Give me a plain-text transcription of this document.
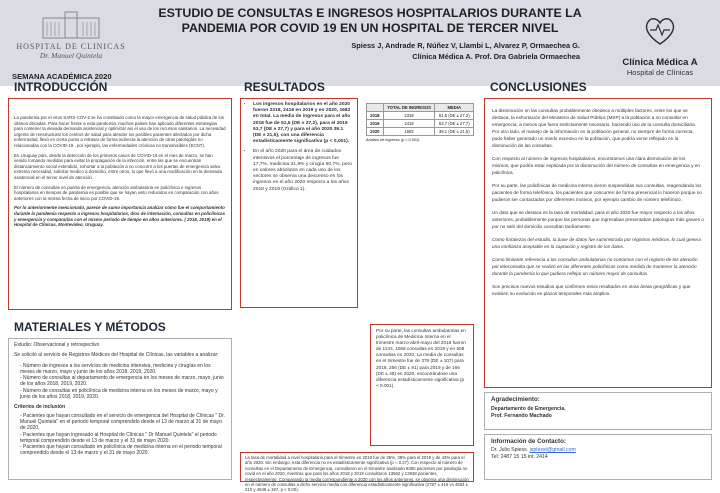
HOSPITAL DE CLINICAS
Dr. Manuel Quintela
SEMANA ACADÉMICA 2020
ESTUDIO DE CONSULTAS E INGRESOS HOSPITALARIOS DURANTE LA PANDEMIA POR COVID 19 EN UN HOSPITAL DE TERCER NIVEL
Spiess J, Andrade R, Núñez V, Llambi L, Alvarez P, Ormaechea G.
Clínica Médica A. Prof. Dra Gabriela Ormaechea
Clínica Médica A
Hospital de Clínicas
INTRODUCCIÓN

La pandemia por el virus SARS-COV-2 se ha constituido como la mayor emergencia de salud pública de los últimos décadas. Para hacer frente a esta pandemia, muchos países han aplicado diferentes estrategias para contener la elevada demanda asistencial y optimizar así el uso de los recursos sanitarios. La necesidad urgente de reestructurar los centros de salud para atender los posibles pacientes afectados por dicha enfermedad, llevó en cierta punto a retrasar de forma indirecta la atención de otras patologías no relacionadas con la COVID-19 , por ejemplo, las enfermedades crónicas no transmisibles (ECNT).

En Uruguay país, desde la detección de los primeros casos de COVID-19 en el mes de marzo, se han venido tomando medidas para evitar la propagación de la infección, entre las que se encuentran distanciamiento social extendido, exhortar a la población a no concurrir a los puertas de emergencia salvo extrema necesidad, solicitar medico a domicilio, entre otros, lo que llevó a una modificación en la demanda asistencial en el tercer nivel de atención.

El número de consultas en puerta de emergencia, atención ambulatoria en policlínica e ingresos hospitalarios en tiempos de pandemia es posible que se hayan visto reducidos en comparación con años anteriores con la misma fecha de inicio por COVID-19.

Por lo anteriormente mencionado, parece de sumo importancia analizar cómo fue el comportamiento durante la pandemia respecto a ingresos hospitalarios, dios de internación, consultas en policlínicas y emergencia y compararlas con el mismo periodo de tiempo en años anteriores. ( 2018, 2019) en el Hospital de Clínicas, Montevideo, Uruguay.

MATERIALES Y MÉTODOS

Estudio: Observacional y retrospectivo

Se solicitó al servicio de Registros Médicos del Hospital de Clínicas, las variables a analizar:

- Número de ingresos a los servicios de medicina intensiva, medicina y cirugías en los meses de marzo, mayo y junio de los años 2018, 2019, 2020.
- Número de consultas al departamento de emergencia en los meses de marzo, mayo, junio de los años 2018, 2019, 2020.
- Número de consultas en policlínica de medicina interna en los meses de marzo, mayo y junio de los años 2018, 2019, 2020.

Criterios de inclusión

- Pacientes que hayan consultado en el servicio de emergencia del Hospital de Clínicas " Dr. Manuel Quintela" en el periodo temporal comprendido desde el 13 de marzo al 31 de mayo de 2020.
- Pacientes que hayan ingresado al Hospital de Clínicas " Dr Manuel Quintela" el periodo temporal comprendido desde el 13 de marzo y el 31 de mayo 2020.
- Pacientes que hayan consultado en policlínica de medicina interna en el periodo temporal comprendido desde el 13 de marzo y el 31 de mayo 2020.
RESULTADOS
• Los ingresos hospitalarios en el año 2020 fueron 2318, 2418 en 2019 y en 2020, 1682 en total. La media de ingresos para el año 2018 fue de 51,5 (DE ± 27,2), para el 2019 53,7 (DE ± 27,7) y para el año 2020 39.1 (DE ± 21,5), con una diferencia estadísticamente significativa (p < 0,001).
• En el año 2020 para el área de cuidados intensivos el porcentaje de ingresos fue 17,7%, medicina 31,9% y cirugía 50,7%, pero en valores absolutos en cada uno de los sectores se observa una descenso en los ingresos en el año 2020 respecto a los años 2018 y 2019 (Gráfico 1).
	TOTAL DE INGRESOS	MEDIA
2018	2318	51,5 (DE ± 27,2)
2019	2418	53,7 (DE ± 27,7)
2020	1682	39.1 (DE ± 21,5)
Análisis de ingresos (p < 0,001).

Por su parte, las consultas ambulatorias en policlínica de Medicina Interna en el trimestre marzo-abril-mayo del 2018 fueron de 1133, 1068 consultas en 2019 y en 508 consultas en 2020. La media de consultas en el trimestre fue de 378 (DE ± 107) para 2018, 256 (DE ± 91) para 2019 y de 166 (DE ± 48) en 2020, encontrándose una diferencia estadísticamente significativa (p < 0,001).

La tasa de mortalidad a nivel hospitalario para el trimestre en 2018 fue de 36%, 38% para el 2019 y de 43% para el año 2020. Sin embargo, esta diferencia no es estadísticamente significativa (p = 0,27). Con respecto al número de consultas en el Departamento de Emergencia, consultaron en el trimestre analizado 8360 pacientes por patología no covid en el año 2020, mientras que para los años 2018 y 2019 consultaron 13662 y 13938 pacientes, respectivamente. Comparando la media correspondiente a 2020 con los años anteriores, se observa una disminución en el número de consultas a dicho servicio media con diferencia estadísticamente significativa (2787 ± 416 vs 4554 ± 210 y 4646 ± 197, p < 0,00).

CONCLUSIONES

La disminución en las consultas probablemente obedece a múltiples factores, entre los que se destaca, la exhortación del Ministerio de Salud Pública (MSP) a la población a no consultar en emergencia, a menos que fuera estrictamente necesario, haciendo uso de la consulta domiciliaria. Por otro lado, el manejo de la información en la población general, no siempre de forma correcta, pudo haber generado un miedo excesivo en la población, que podría verse reflejado en la disminución de las consultas.

Con respecto al número de ingresos hospitalarios, encontramos una clara disminución de los mismos, que podría estar explicada por la disminución del número de consultas en emergencia y en policlínica.

Por su parte, las policlínicas de medicina interna vieron suspendidas sus consultas, reagendando los pacientes de forma telefónica, los pacientes que concurren de forma presencial lo hicieron porque no pudieron ser contactados por diferentes motivos, por ejemplo cambio de número telefónico.

Un dato que se destaca es la tasa de mortalidad, para el año 2020 fue mayor respecto a los años anteriores, probablemente porque las personas que ingresaban presentaban patologías más graves o por no salir del domicilio consultan tardíamente.

Como fortalezas del estudio, la base de datos fue suministrada por registros médicos, lo cual genera una confianza aceptable en la captación y registro de los datos.

Como limitante referencia a las consultas ambulatorias no contamos con el registro de los atención por teleconsulta que se realizó en las diferentes policlínicas como medida de mantener la atención durante la pandemia lo que pudiera reflejar un número mayor de consultas.

Son precisos nuevos estudios que confirmen estos resultados en otras áreas geográficas y que evalúen su evolución en plazos temporales más amplios.

Agradecimiento:
Departamento de Emergencia.
Prof. Fernando Machado
Información de Contacto:
Dr. Julio Spiess. jspiesst@gmail.com
Tel: 2487 15 15 int. 2414
